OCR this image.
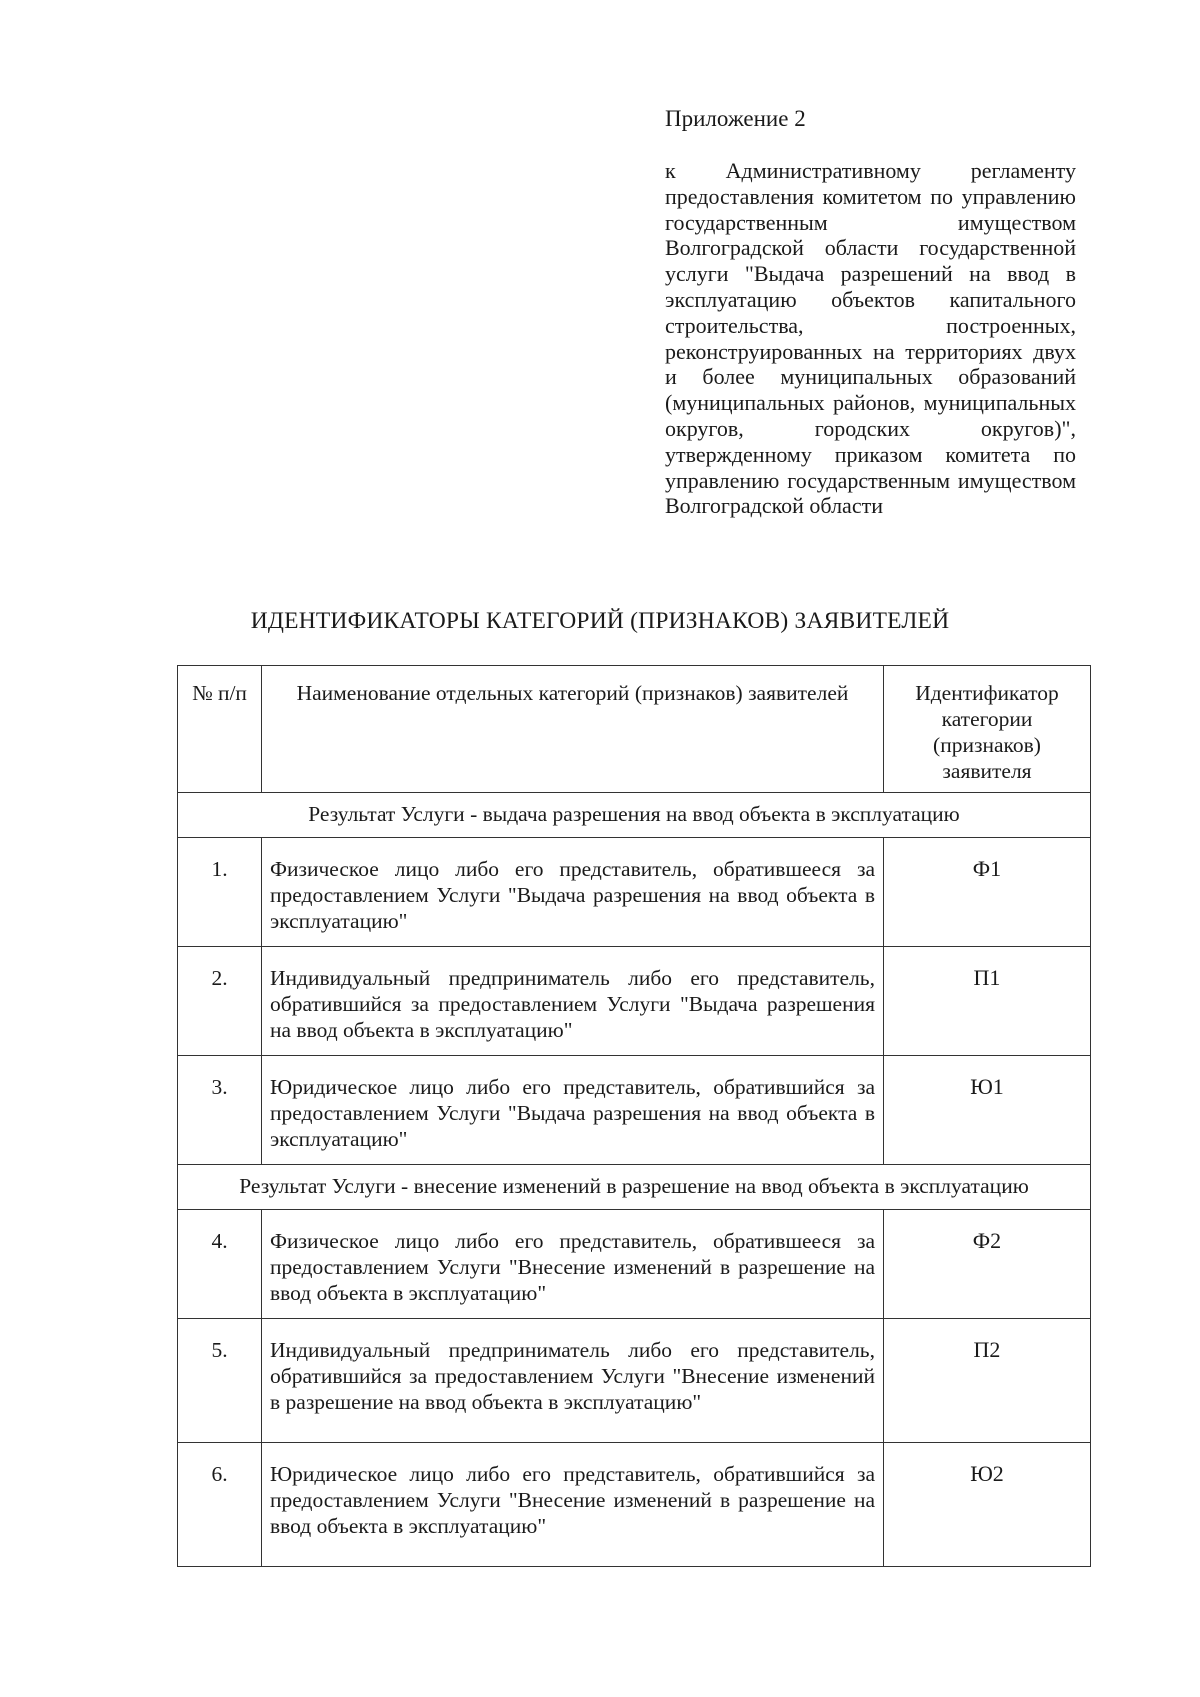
Приложение 2
к Административному регламенту предоставления комитетом по управлению государственным имуществом Волгоградской области государственной услуги "Выдача разрешений на ввод в эксплуатацию объектов капитального строительства, построенных, реконструированных на территориях двух и более муниципальных образований (муниципальных районов, муниципальных округов, городских округов)", утвержденному приказом комитета по управлению государственным имуществом Волгоградской области
ИДЕНТИФИКАТОРЫ КАТЕГОРИЙ (ПРИЗНАКОВ) ЗАЯВИТЕЛЕЙ
№ п/п	Наименование отдельных категорий (признаков) заявителей	Идентификатор категории (признаков) заявителя
Результат Услуги - выдача разрешения на ввод объекта в эксплуатацию		
1.	Физическое лицо либо его представитель, обратившееся за предоставлением Услуги "Выдача разрешения на ввод объекта в эксплуатацию"	Ф1
2.	Индивидуальный предприниматель либо его представитель, обратившийся за предоставлением Услуги "Выдача разрешения на ввод объекта в эксплуатацию"	П1
3.	Юридическое лицо либо его представитель, обратившийся за предоставлением Услуги "Выдача разрешения на ввод объекта в эксплуатацию"	Ю1
Результат Услуги - внесение изменений в разрешение на ввод объекта в эксплуатацию		
4.	Физическое лицо либо его представитель, обратившееся за предоставлением Услуги "Внесение изменений в разрешение на ввод объекта в эксплуатацию"	Ф2
5.	Индивидуальный предприниматель либо его представитель, обратившийся за предоставлением Услуги "Внесение изменений в разрешение на ввод объекта в эксплуатацию"	П2
6.	Юридическое лицо либо его представитель, обратившийся за предоставлением Услуги "Внесение изменений в разрешение на ввод объекта в эксплуатацию"	Ю2
